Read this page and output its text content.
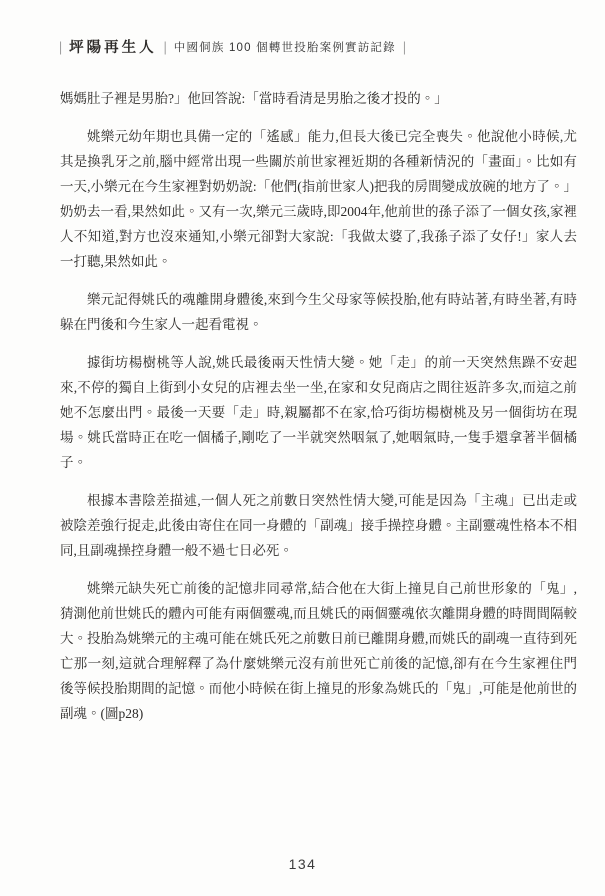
| 坪陽再生人 | 中國侗族 100 個轉世投胎案例實訪記錄 |

媽媽肚子裡是男胎?」他回答說:「當時看清是男胎之後才投的。」

姚樂元幼年期也具備一定的「遙感」能力,但長大後已完全喪失。他說他小時候,尤其是換乳牙之前,腦中經常出現一些關於前世家裡近期的各種新情況的「畫面」。比如有一天,小樂元在今生家裡對奶奶說:「他們(指前世家人)把我的房間變成放碗的地方了。」奶奶去一看,果然如此。又有一次,樂元三歲時,即2004年,他前世的孫子添了一個女孩,家裡人不知道,對方也沒來通知,小樂元卻對大家說:「我做太婆了,我孫子添了女仔!」家人去一打聽,果然如此。

樂元記得姚氏的魂離開身體後,來到今生父母家等候投胎,他有時站著,有時坐著,有時躲在門後和今生家人一起看電視。

據街坊楊樹桃等人說,姚氏最後兩天性情大變。她「走」的前一天突然焦躁不安起來,不停的獨自上街到小女兒的店裡去坐一坐,在家和女兒商店之間往返許多次,而這之前她不怎麼出門。最後一天要「走」時,親屬都不在家,恰巧街坊楊樹桃及另一個街坊在現場。姚氏當時正在吃一個橘子,剛吃了一半就突然咽氣了,她咽氣時,一隻手還拿著半個橘子。

根據本書陰差描述,一個人死之前數日突然性情大變,可能是因為「主魂」已出走或被陰差強行捉走,此後由寄住在同一身體的「副魂」接手操控身體。主副靈魂性格本不相同,且副魂操控身體一般不過七日必死。

姚樂元缺失死亡前後的記憶非同尋常,結合他在大街上撞見自己前世形象的「鬼」,猜測他前世姚氏的體內可能有兩個靈魂,而且姚氏的兩個靈魂依次離開身體的時間間隔較大。投胎為姚樂元的主魂可能在姚氏死之前數日前已離開身體,而姚氏的副魂一直待到死亡那一刻,這就合理解釋了為什麼姚樂元沒有前世死亡前後的記憶,卻有在今生家裡住門後等候投胎期間的記憶。而他小時候在街上撞見的形象為姚氏的「鬼」,可能是他前世的副魂。(圖p28)

134
